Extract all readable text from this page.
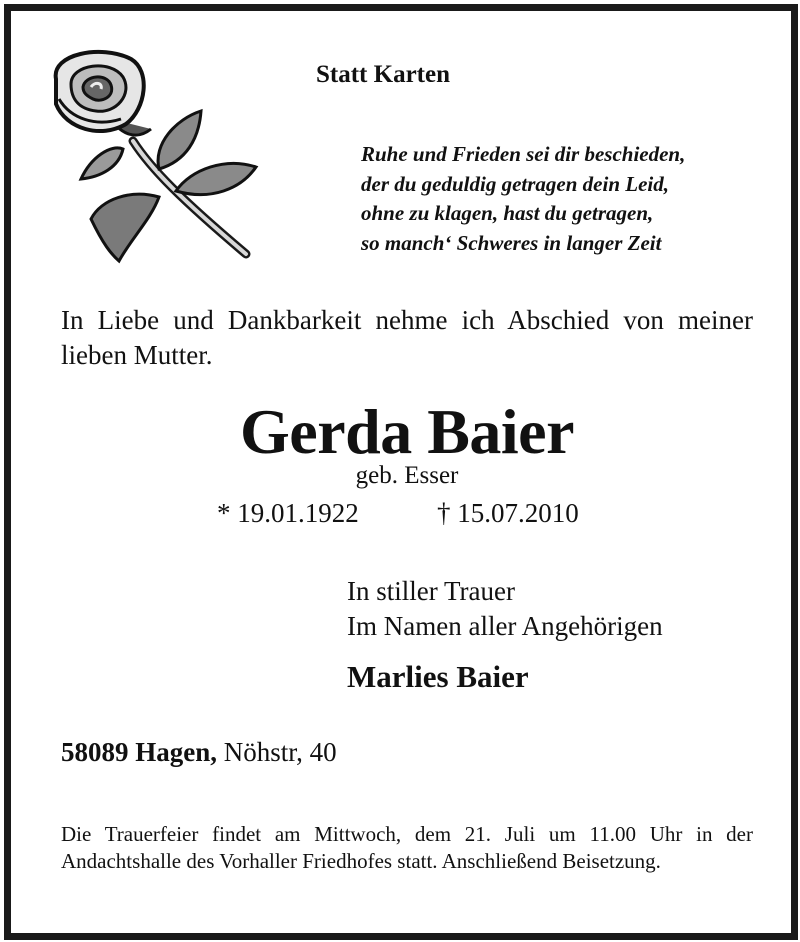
Statt Karten
Ruhe und Frieden sei dir beschieden,
der du geduldig getragen dein Leid,
ohne zu klagen, hast du getragen,
so manch‘ Schweres in langer Zeit
In Liebe und Dankbarkeit nehme ich Abschied von meiner lieben Mutter.
Gerda Baier
geb. Esser
* 19.01.1922	† 15.07.2010
In stiller Trauer
Im Namen aller Angehörigen
Marlies Baier
58089 Hagen, Nöhstr, 40
Die Trauerfeier findet am Mittwoch, dem 21. Juli um 11.00 Uhr in der Andachtshalle des Vorhaller Friedhofes statt. Anschließend Beisetzung.
